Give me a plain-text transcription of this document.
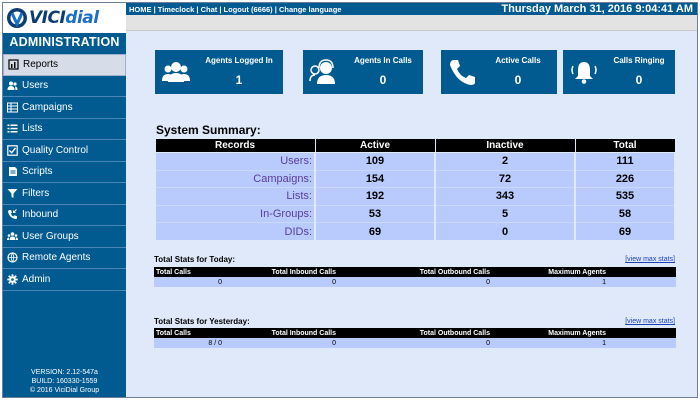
VICIdial
ADMINISTRATION
Reports
Users
Campaigns
Lists
Quality Control
Scripts
Filters
Inbound
User Groups
Remote Agents
Admin
VERSION: 2.12-547a
BUILD: 160330-1559
© 2016 ViciDial Group
HOME | Timeclock | Chat | Logout (6666) | Change language	Thursday March 31, 2016 9:04:41 AM
Agents Logged In
1
Agents In Calls
0
Active Calls
0
Calls Ringing
0
System Summary:
Records	Active	Inactive	Total
Users:	109	2	111
Campaigns:	154	72	226
Lists:	192	343	535
In-Groups:	53	5	58
DIDs:	69	0	69
Total Stats for Today:	[view max stats]
Total Calls	Total Inbound Calls	Total Outbound Calls	Maximum Agents
0	0	0	1
Total Stats for Yesterday:	[view max stats]
Total Calls	Total Inbound Calls	Total Outbound Calls	Maximum Agents
8 / 0	0	0	1
